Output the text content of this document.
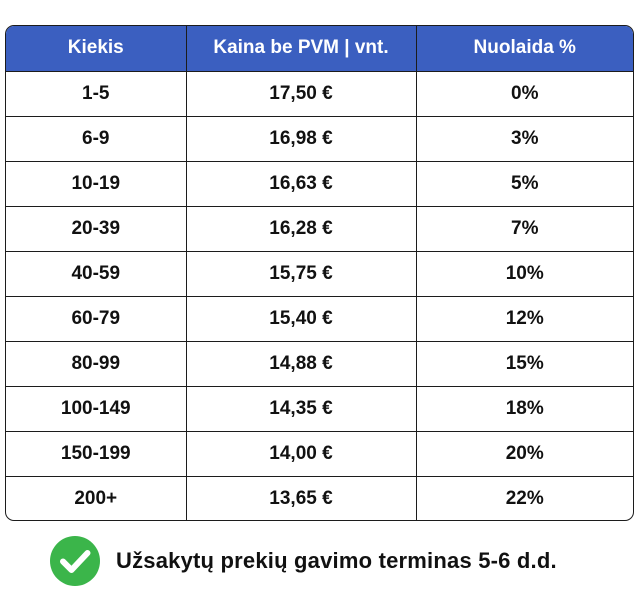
Kiekis	Kaina be PVM | vnt.	Nuolaida %
1-5	17,50 €	0%
6-9	16,98 €	3%
10-19	16,63 €	5%
20-39	16,28 €	7%
40-59	15,75 €	10%
60-79	15,40 €	12%
80-99	14,88 €	15%
100-149	14,35 €	18%
150-199	14,00 €	20%
200+	13,65 €	22%
Užsakytų prekių gavimo terminas 5-6 d.d.
